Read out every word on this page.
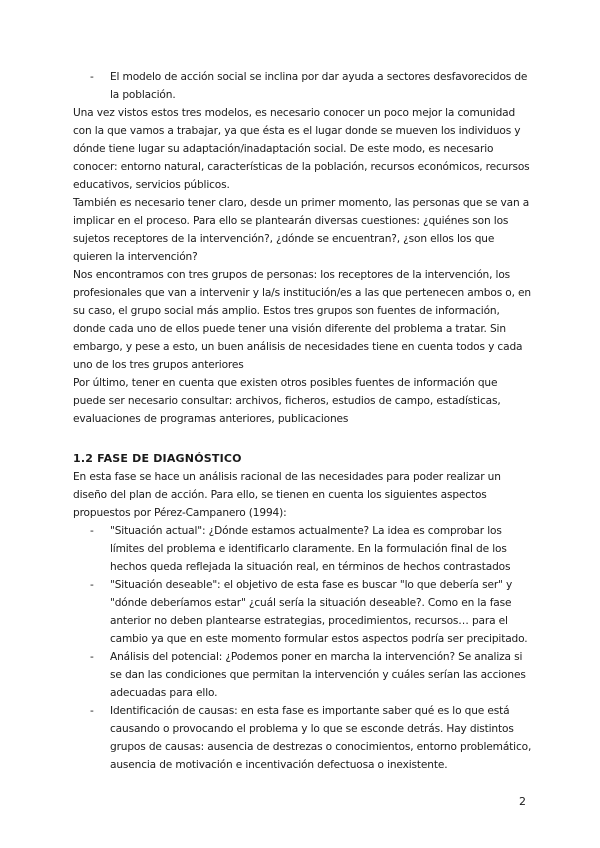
- El modelo de acción social se inclina por dar ayuda a sectores desfavorecidos de la población.

Una vez vistos estos tres modelos, es necesario conocer un poco mejor la comunidad con la que vamos a trabajar, ya que ésta es el lugar donde se mueven los individuos y dónde tiene lugar su adaptación/inadaptación social. De este modo, es necesario conocer: entorno natural, características de la población, recursos económicos, recursos educativos, servicios públicos.

También es necesario tener claro, desde un primer momento, las personas que se van a implicar en el proceso. Para ello se plantearán diversas cuestiones: ¿quiénes son los sujetos receptores de la intervención?, ¿dónde se encuentran?, ¿son ellos los que quieren la intervención?

Nos encontramos con tres grupos de personas: los receptores de la intervención, los profesionales que van a intervenir y la/s institución/es a las que pertenecen ambos o, en su caso, el grupo social más amplio. Estos tres grupos son fuentes de información, donde cada uno de ellos puede tener una visión diferente del problema a tratar. Sin embargo, y pese a esto, un buen análisis de necesidades tiene en cuenta todos y cada uno de los tres grupos anteriores

Por último, tener en cuenta que existen otros posibles fuentes de información que puede ser necesario consultar: archivos, ficheros, estudios de campo, estadísticas, evaluaciones de programas anteriores, publicaciones

1.2 FASE DE DIAGNÓSTICO

En esta fase se hace un análisis racional de las necesidades para poder realizar un diseño del plan de acción. Para ello, se tienen en cuenta los siguientes aspectos propuestos por Pérez-Campanero (1994):

- "Situación actual": ¿Dónde estamos actualmente? La idea es comprobar los límites del problema e identificarlo claramente. En la formulación final de los hechos queda reflejada la situación real, en términos de hechos contrastados
- "Situación deseable": el objetivo de esta fase es buscar "lo que debería ser" y "dónde deberíamos estar" ¿cuál sería la situación deseable?. Como en la fase anterior no deben plantearse estrategias, procedimientos, recursos… para el cambio ya que en este momento formular estos aspectos podría ser precipitado.
- Análisis del potencial: ¿Podemos poner en marcha la intervención? Se analiza si se dan las condiciones que permitan la intervención y cuáles serían las acciones adecuadas para ello.
- Identificación de causas: en esta fase es importante saber qué es lo que está causando o provocando el problema y lo que se esconde detrás. Hay distintos grupos de causas: ausencia de destrezas o conocimientos, entorno problemático, ausencia de motivación e incentivación defectuosa o inexistente.
2
